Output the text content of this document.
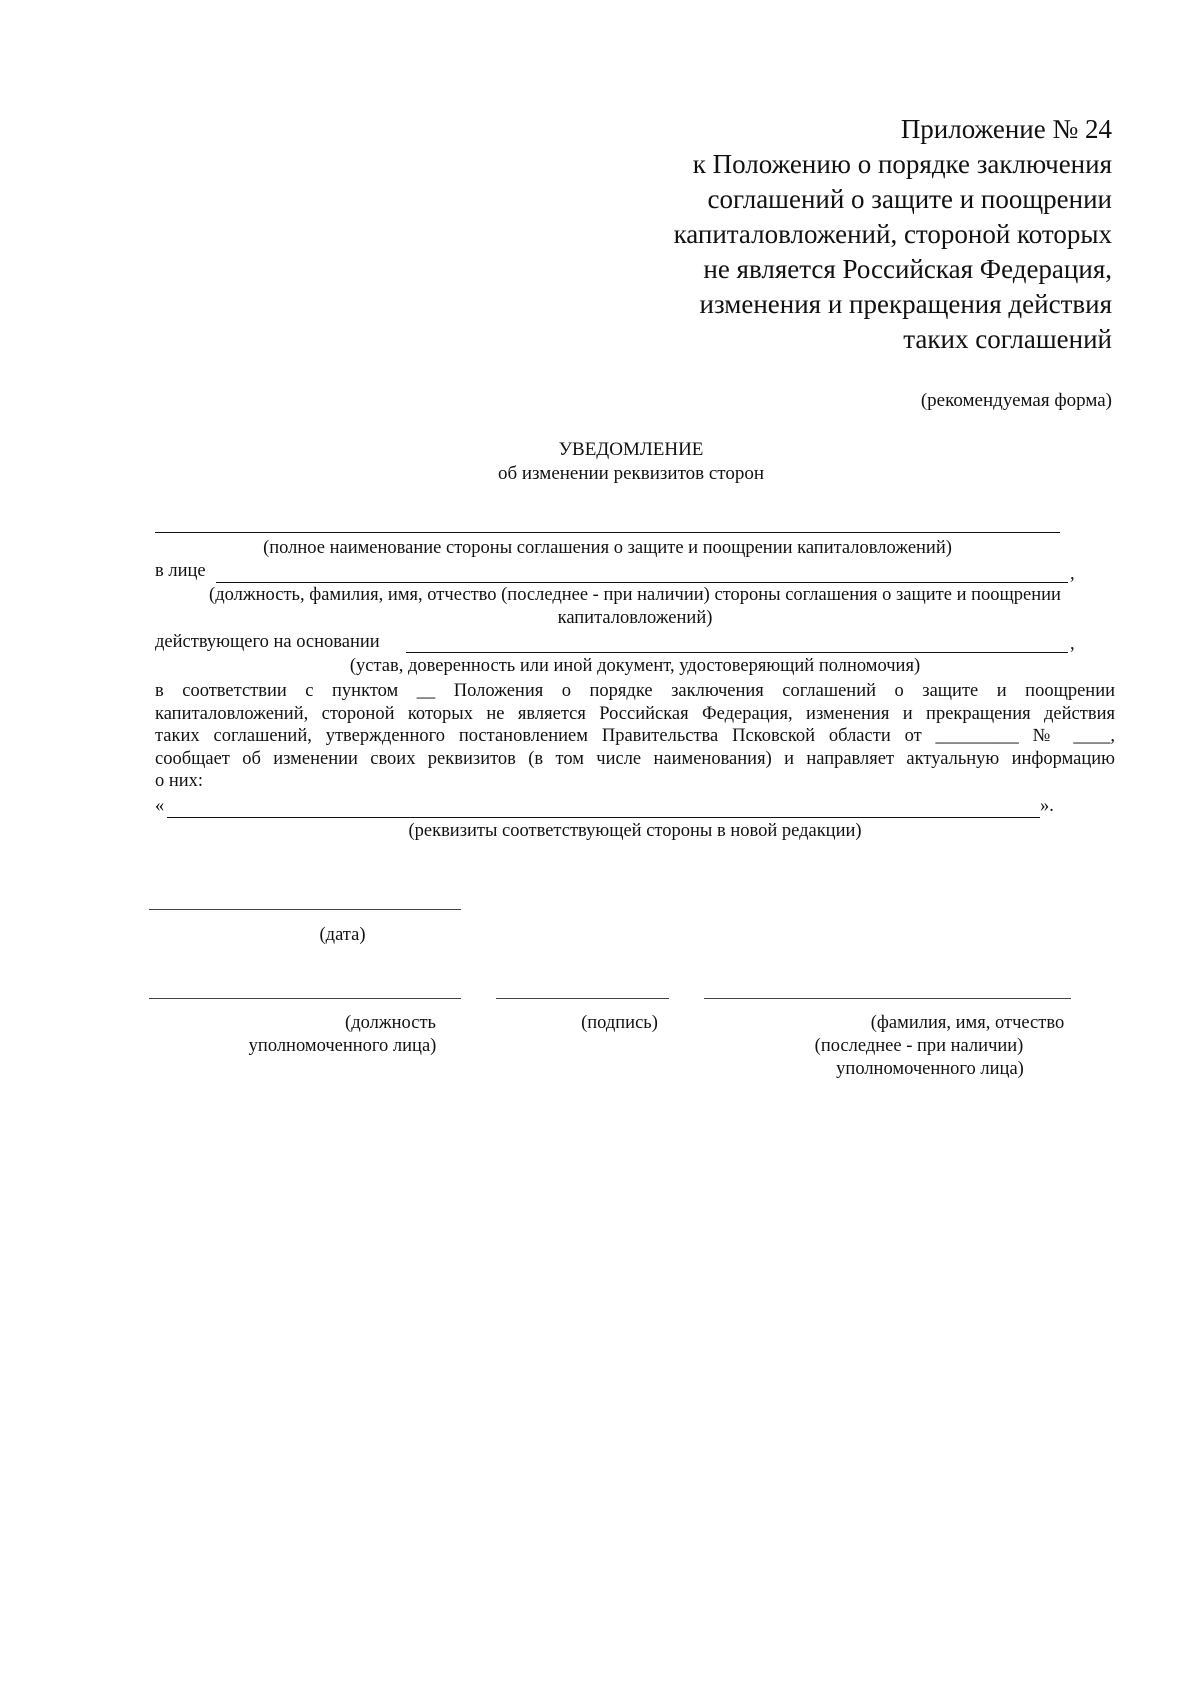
Приложение № 24
к Положению о порядке заключения
соглашений о защите и поощрении
капиталовложений, стороной которых
не является Российская Федерация,
изменения и прекращения действия
таких соглашений
(рекомендуемая форма)
УВЕДОМЛЕНИЕ
об изменении реквизитов сторон
(полное наименование стороны соглашения о защите и поощрении капиталовложений)
в лице	,
(должность, фамилия, имя, отчество (последнее - при наличии) стороны соглашения о защите и поощрении
капиталовложений)
действующего на основании	,
(устав, доверенность или иной документ, удостоверяющий полномочия)
в соответствии с пунктом __ Положения о порядке заключения соглашений о защите и поощрении
капиталовложений, стороной которых не является Российская Федерация, изменения и прекращения действия
таких соглашений, утвержденного постановлением Правительства Псковской области от _________ № ____,
сообщает об изменении своих реквизитов (в том числе наименования) и направляет актуальную информацию
о них:
«	».
(реквизиты соответствующей стороны в новой редакции)
(дата)
(должность
уполномоченного лица)
(подпись)	(фамилия, имя, отчество
(последнее - при наличии)
уполномоченного лица)
